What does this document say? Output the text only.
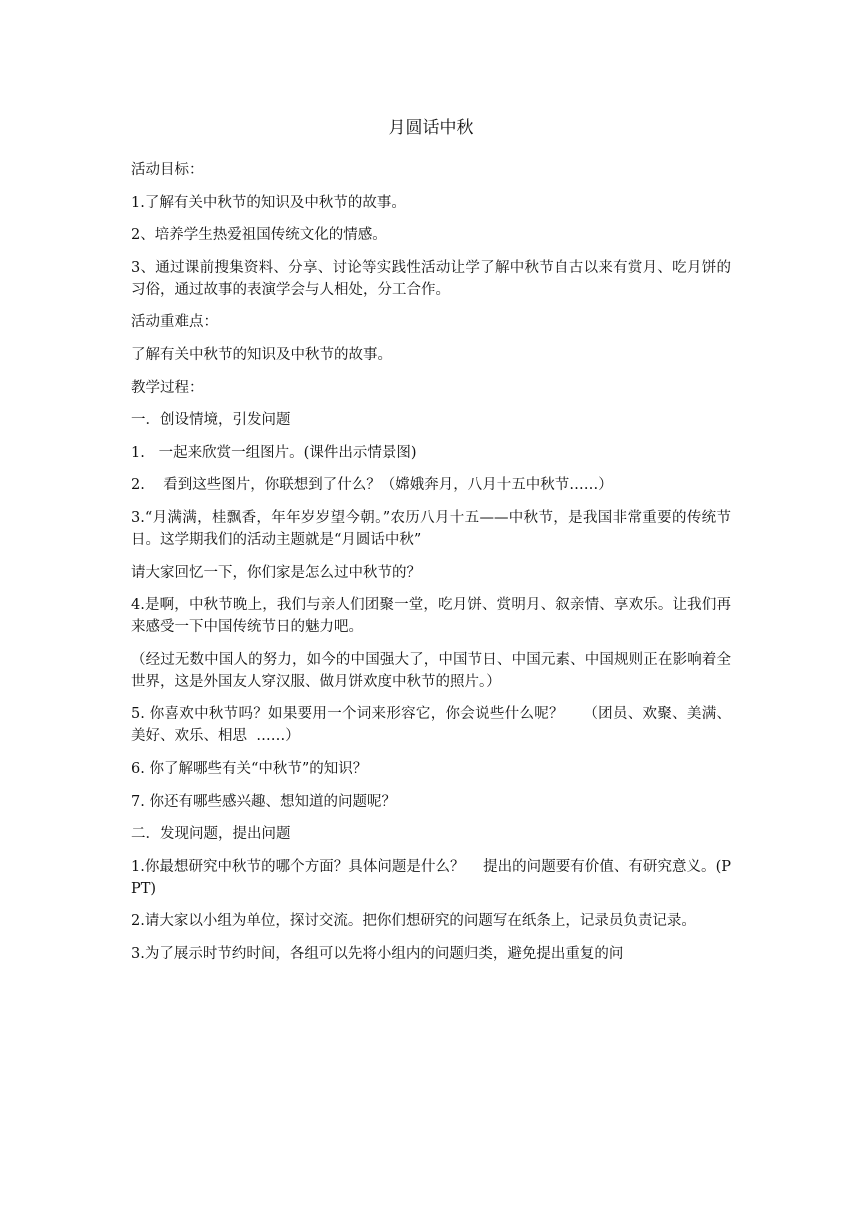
月圆话中秋

活动目标：

1.了解有关中秋节的知识及中秋节的故事。

2、培养学生热爱祖国传统文化的情感。

3、通过课前搜集资料、分享、讨论等实践性活动让学了解中秋节自古以来有赏月、吃月饼的习俗，通过故事的表演学会与人相处，分工合作。

活动重难点：

了解有关中秋节的知识及中秋节的故事。

教学过程：

一．创设情境，引发问题

1.   一起来欣赏一组图片。(课件出示情景图)

2.    看到这些图片，你联想到了什么？（嫦娥奔月，八月十五中秋节……）

3.“月满满，桂飘香，年年岁岁望今朝。”农历八月十五——中秋节，是我国非常重要的传统节日。这学期我们的活动主题就是“月圆话中秋”

请大家回忆一下，你们家是怎么过中秋节的？

4.是啊，中秋节晚上，我们与亲人们团聚一堂，吃月饼、赏明月、叙亲情、享欢乐。让我们再来感受一下中国传统节日的魅力吧。

（经过无数中国人的努力，如今的中国强大了，中国节日、中国元素、中国规则正在影响着全世界，这是外国友人穿汉服、做月饼欢度中秋节的照片。）

5. 你喜欢中秋节吗？如果要用一个词来形容它，你会说些什么呢？    （团员、欢聚、美满、美好、欢乐、相思  ……）

6. 你了解哪些有关“中秋节”的知识？

7. 你还有哪些感兴趣、想知道的问题呢？

二．发现问题，提出问题

1.你最想研究中秋节的哪个方面？具体问题是什么？    提出的问题要有价值、有研究意义。(PPT)

2.请大家以小组为单位，探讨交流。把你们想研究的问题写在纸条上，记录员负责记录。

3.为了展示时节约时间，各组可以先将小组内的问题归类，避免提出重复的问
